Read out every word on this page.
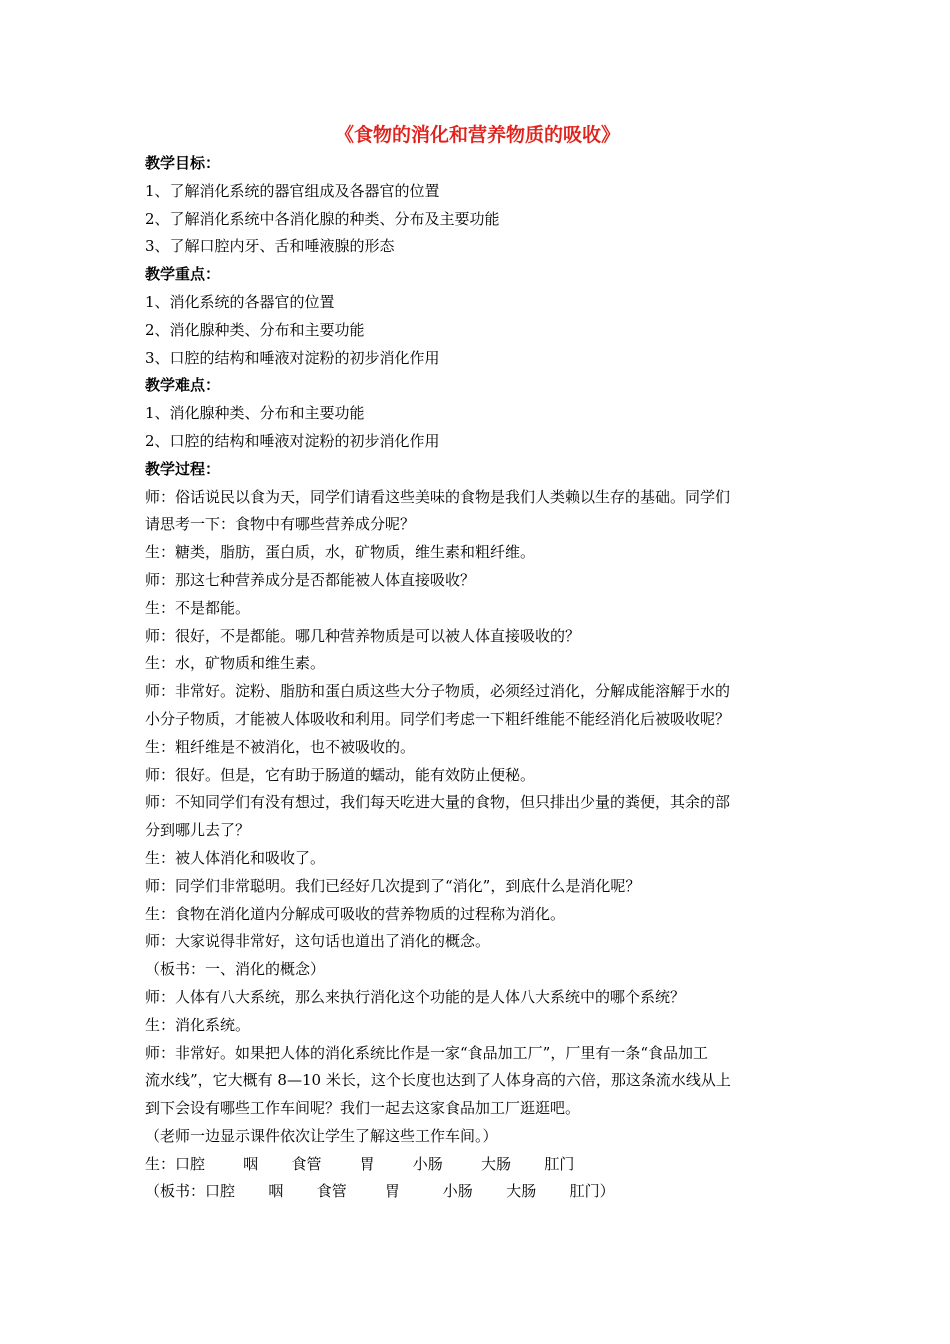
《食物的消化和营养物质的吸收》
教学目标：
1、了解消化系统的器官组成及各器官的位置
2、了解消化系统中各消化腺的种类、分布及主要功能
3、了解口腔内牙、舌和唾液腺的形态
教学重点：
1、消化系统的各器官的位置
2、消化腺种类、分布和主要功能
3、口腔的结构和唾液对淀粉的初步消化作用
教学难点：
1、消化腺种类、分布和主要功能
2、口腔的结构和唾液对淀粉的初步消化作用
教学过程：
师：俗话说民以食为天，同学们请看这些美味的食物是我们人类赖以生存的基础。同学们
请思考一下：食物中有哪些营养成分呢？
生：糖类，脂肪，蛋白质，水，矿物质，维生素和粗纤维。
师：那这七种营养成分是否都能被人体直接吸收？
生：不是都能。
师：很好，不是都能。哪几种营养物质是可以被人体直接吸收的？
生：水，矿物质和维生素。
师：非常好。淀粉、脂肪和蛋白质这些大分子物质，必须经过消化，分解成能溶解于水的
小分子物质，才能被人体吸收和利用。同学们考虑一下粗纤维能不能经消化后被吸收呢？
生：粗纤维是不被消化，也不被吸收的。
师：很好。但是，它有助于肠道的蠕动，能有效防止便秘。
师：不知同学们有没有想过，我们每天吃进大量的食物，但只排出少量的粪便，其余的部
分到哪儿去了？
生：被人体消化和吸收了。
师：同学们非常聪明。我们已经好几次提到了“消化”，到底什么是消化呢？
生：食物在消化道内分解成可吸收的营养物质的过程称为消化。
师：大家说得非常好，这句话也道出了消化的概念。
（板书：一、消化的概念）
师：人体有八大系统，那么来执行消化这个功能的是人体八大系统中的哪个系统？
生：消化系统。
师：非常好。如果把人体的消化系统比作是一家“食品加工厂”，厂里有一条“食品加工
流水线”，它大概有 8—10 米长，这个长度也达到了人体身高的六倍，那这条流水线从上
到下会设有哪些工作车间呢？我们一起去这家食品加工厂逛逛吧。
（老师一边显示课件依次让学生了解这些工作车间。）
生：口腔        咽       食管        胃        小肠        大肠       肛门
（板书：口腔       咽       食管        胃         小肠       大肠       肛门）
